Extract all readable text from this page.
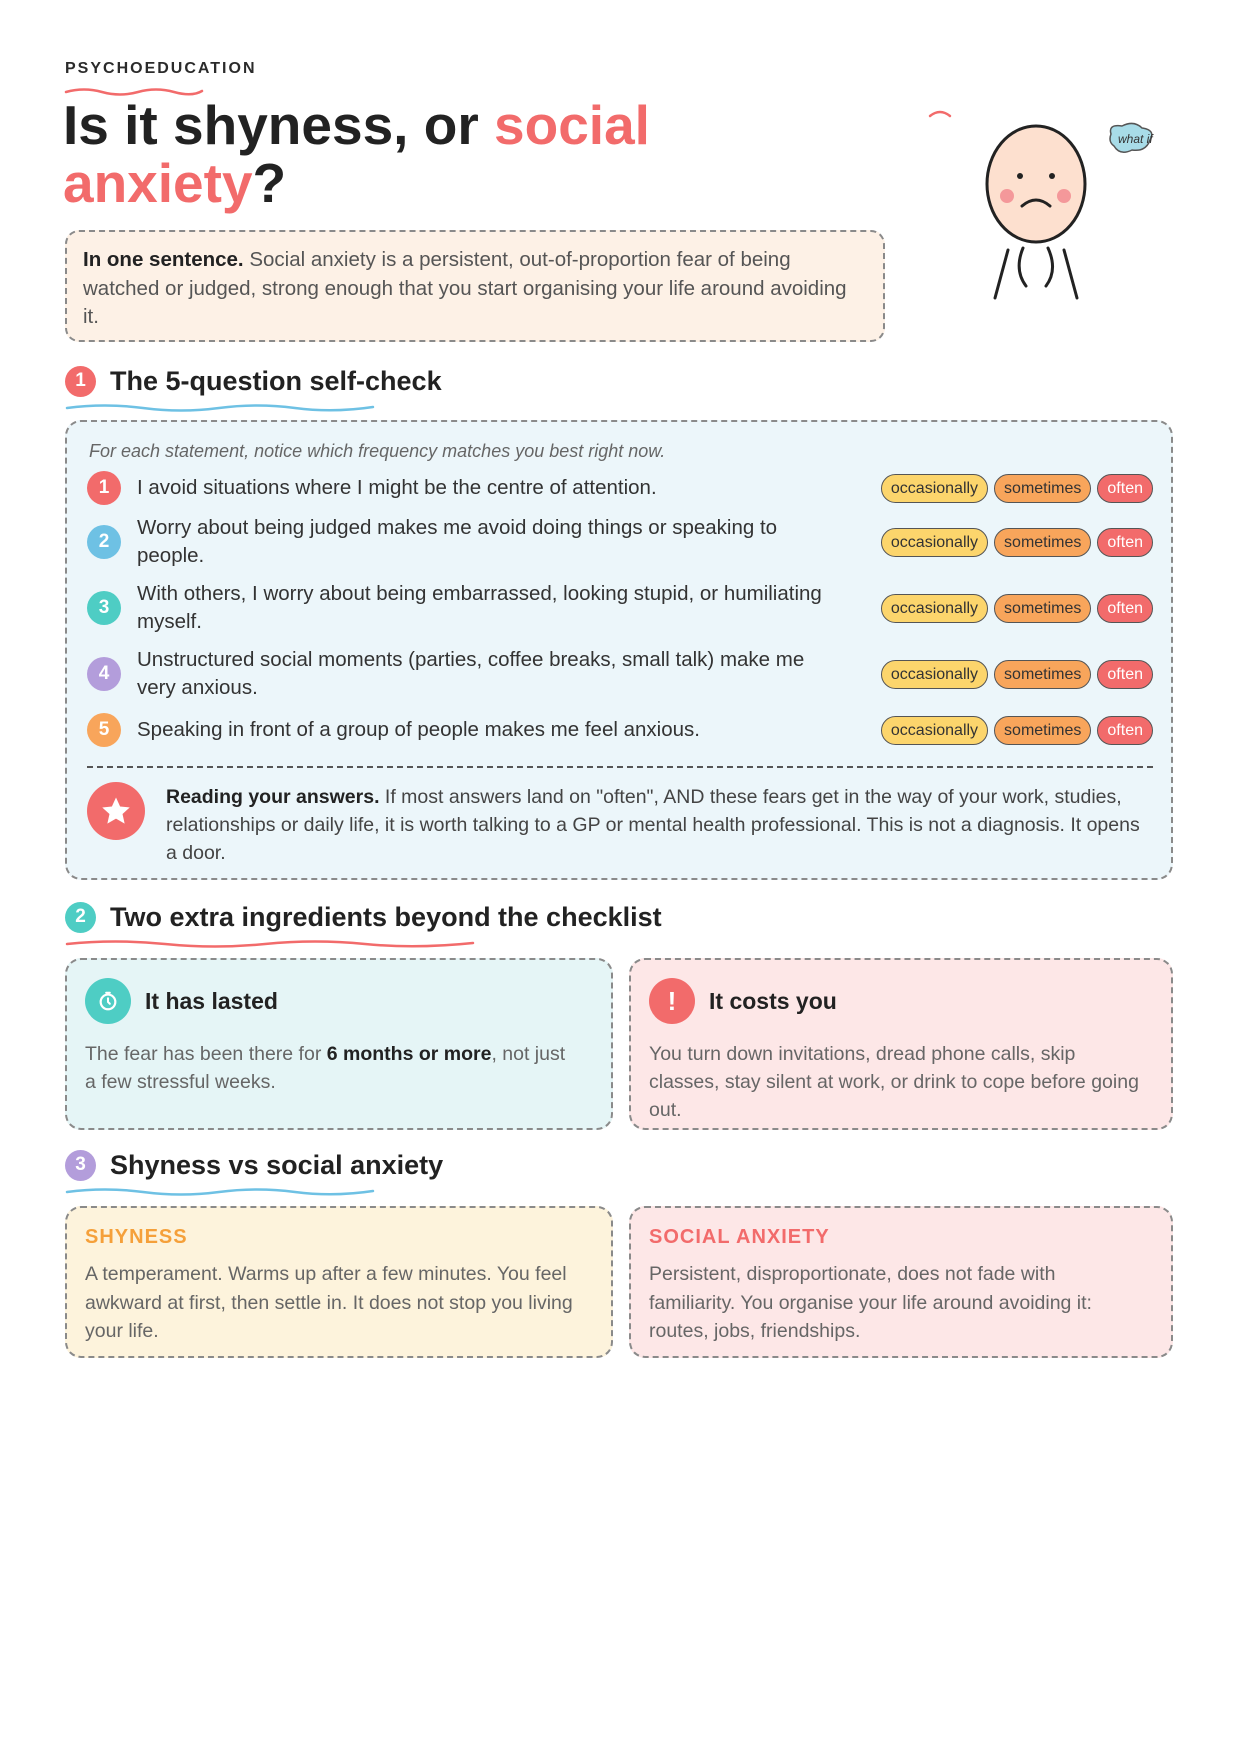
PSYCHOEDUCATION
Is it shyness, or social anxiety?
what if
In one sentence. Social anxiety is a persistent, out-of-proportion fear of being watched or judged, strong enough that you start organising your life around avoiding it.
1 The 5-question self-check
For each statement, notice which frequency matches you best right now.
1	I avoid situations where I might be the centre of attention.	occasionally	sometimes	often
2
Worry about being judged makes me avoid doing things or speaking to people.
occasionally	sometimes	often
3
With others, I worry about being embarrassed, looking stupid, or humiliating myself.
occasionally	sometimes	often
4
Unstructured social moments (parties, coffee breaks, small talk) make me very anxious.
occasionally	sometimes	often
5	Speaking in front of a group of people makes me feel anxious.	occasionally	sometimes	often
Reading your answers. If most answers land on "often", AND these fears get in the way of your work, studies, relationships or daily life, it is worth talking to a GP or mental health professional. This is not a diagnosis. It opens a door.
2 Two extra ingredients beyond the checklist
It has lasted
The fear has been there for 6 months or more, not just a few stressful weeks.
!	It costs you
You turn down invitations, dread phone calls, skip classes, stay silent at work, or drink to cope before going out.
3 Shyness vs social anxiety
SHYNESS
A temperament. Warms up after a few minutes. You feel awkward at first, then settle in. It does not stop you living your life.
SOCIAL ANXIETY
Persistent, disproportionate, does not fade with familiarity. You organise your life around avoiding it: routes, jobs, friendships.
